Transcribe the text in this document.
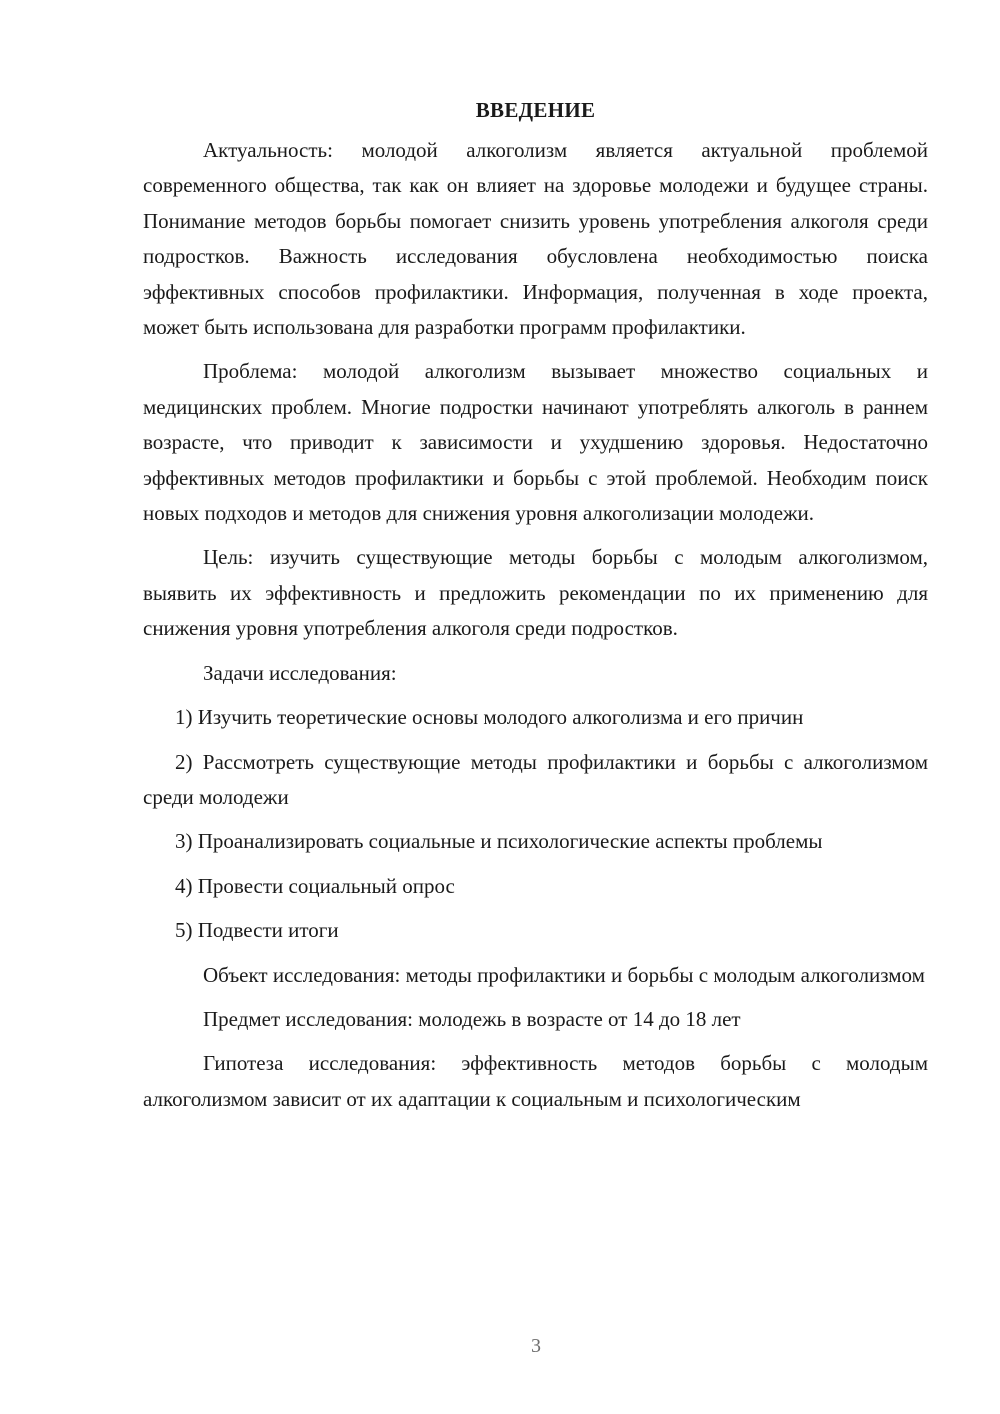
ВВЕДЕНИЕ

Актуальность: молодой алкоголизм является актуальной проблемой современного общества, так как он влияет на здоровье молодежи и будущее страны. Понимание методов борьбы помогает снизить уровень употребления алкоголя среди подростков. Важность исследования обусловлена необходимостью поиска эффективных способов профилактики. Информация, полученная в ходе проекта, может быть использована для разработки программ профилактики.

Проблема: молодой алкоголизм вызывает множество социальных и медицинских проблем. Многие подростки начинают употреблять алкоголь в раннем возрасте, что приводит к зависимости и ухудшению здоровья. Недостаточно эффективных методов профилактики и борьбы с этой проблемой. Необходим поиск новых подходов и методов для снижения уровня алкоголизации молодежи.

Цель: изучить существующие методы борьбы с молодым алкоголизмом, выявить их эффективность и предложить рекомендации по их применению для снижения уровня употребления алкоголя среди подростков.

Задачи исследования:

1) Изучить теоретические основы молодого алкоголизма и его причин

2) Рассмотреть существующие методы профилактики и борьбы с алкоголизмом среди молодежи

3) Проанализировать социальные и психологические аспекты проблемы

4) Провести социальный опрос

5) Подвести итоги

Объект исследования: методы профилактики и борьбы с молодым алкоголизмом

Предмет исследования: молодежь в возрасте от 14 до 18 лет

Гипотеза исследования: эффективность методов борьбы с молодым алкоголизмом зависит от их адаптации к социальным и психологическим

3
